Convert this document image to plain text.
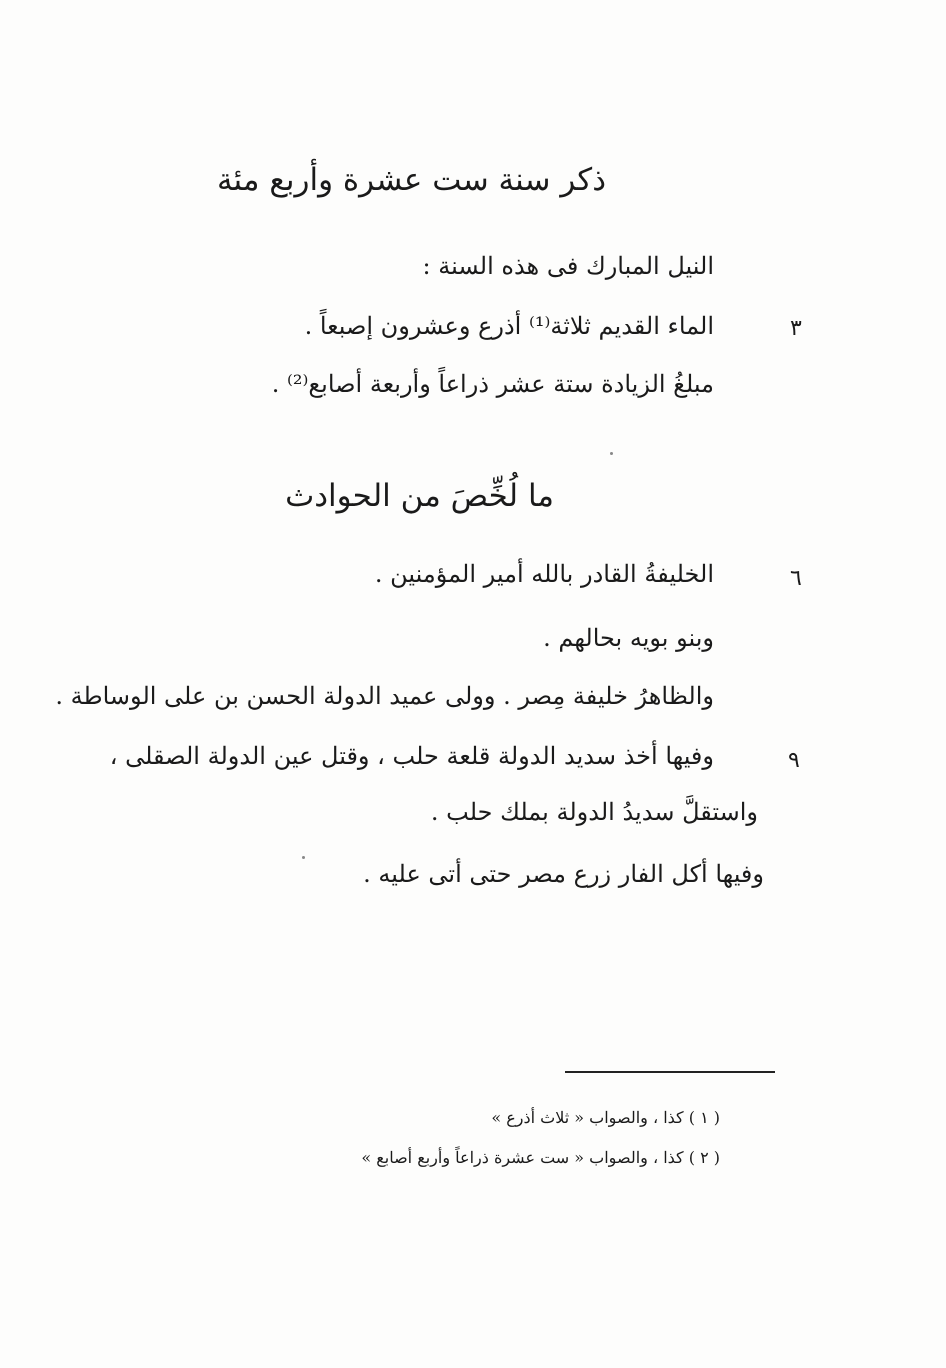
ذكر سنة ست عشرة وأربع مئة
النيل المبارك فى هذه السنة :
٣
الماء القديم ثلاثة⁽¹⁾ أذرع وعشرون إصبعاً .
مبلغُ الزيادة ستة عشر ذراعاً وأربعة أصابع⁽²⁾ .
ما لُخِّصَ من الحوادث
٦
الخليفةُ القادر بالله أمير المؤمنين .
وبنو بويه بحالهم .
والظاهرُ خليفة مِصر . وولى عميد الدولة الحسن بن على الوساطة .
٩
وفيها أخذ سديد الدولة قلعة حلب ، وقتل عين الدولة الصقلى ،
واستقلَّ سديدُ الدولة بملك حلب .
وفيها أكل الفار زرع مصر حتى أتى عليه .
( ١ ) كذا ، والصواب « ثلاث أذرع »
( ٢ ) كذا ، والصواب « ست عشرة ذراعاً وأربع أصابع »
